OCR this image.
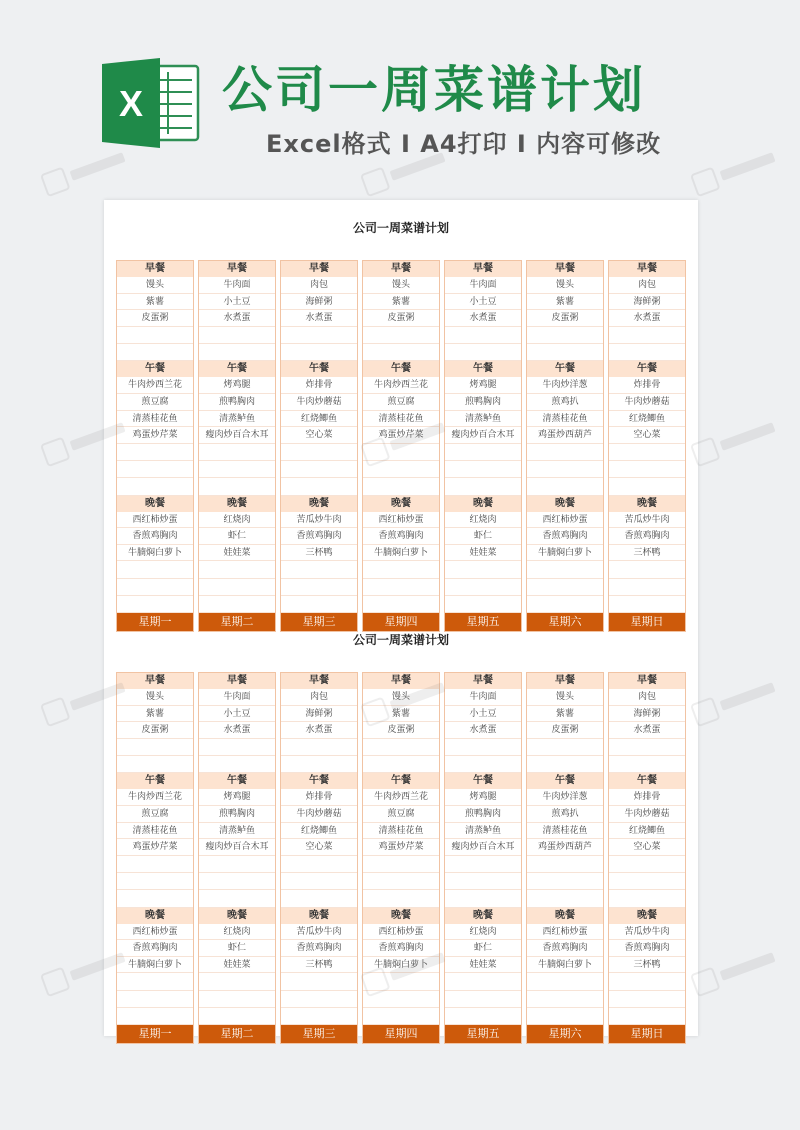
X 公司一周菜谱计划
Excel格式 I A4打印 I 内容可修改
公司一周菜谱计划
早餐
馒头
紫薯
皮蛋粥
午餐
牛肉炒西兰花
煎豆腐
清蒸桂花鱼
鸡蛋炒芹菜
晚餐
西红柿炒蛋
香煎鸡胸肉
牛腩焖白萝卜
星期一
早餐
牛肉面
小土豆
水煮蛋
午餐
烤鸡腿
煎鸭胸肉
清蒸鲈鱼
瘦肉炒百合木耳
晚餐
红烧肉
虾仁
娃娃菜
星期二
早餐
肉包
海鲜粥
水煮蛋
午餐
炸排骨
牛肉炒蘑菇
红烧鲫鱼
空心菜
晚餐
苦瓜炒牛肉
香煎鸡胸肉
三杯鸭
星期三
早餐
馒头
紫薯
皮蛋粥
午餐
牛肉炒西兰花
煎豆腐
清蒸桂花鱼
鸡蛋炒芹菜
晚餐
西红柿炒蛋
香煎鸡胸肉
牛腩焖白萝卜
星期四
早餐
牛肉面
小土豆
水煮蛋
午餐
烤鸡腿
煎鸭胸肉
清蒸鲈鱼
瘦肉炒百合木耳
晚餐
红烧肉
虾仁
娃娃菜
星期五
早餐
馒头
紫薯
皮蛋粥
午餐
牛肉炒洋葱
煎鸡扒
清蒸桂花鱼
鸡蛋炒西葫芦
晚餐
西红柿炒蛋
香煎鸡胸肉
牛腩焖白萝卜
星期六
早餐
肉包
海鲜粥
水煮蛋
午餐
炸排骨
牛肉炒蘑菇
红烧鲫鱼
空心菜
晚餐
苦瓜炒牛肉
香煎鸡胸肉
三杯鸭
星期日
公司一周菜谱计划
早餐
馒头
紫薯
皮蛋粥
午餐
牛肉炒西兰花
煎豆腐
清蒸桂花鱼
鸡蛋炒芹菜
晚餐
西红柿炒蛋
香煎鸡胸肉
牛腩焖白萝卜
星期一
早餐
牛肉面
小土豆
水煮蛋
午餐
烤鸡腿
煎鸭胸肉
清蒸鲈鱼
瘦肉炒百合木耳
晚餐
红烧肉
虾仁
娃娃菜
星期二
早餐
肉包
海鲜粥
水煮蛋
午餐
炸排骨
牛肉炒蘑菇
红烧鲫鱼
空心菜
晚餐
苦瓜炒牛肉
香煎鸡胸肉
三杯鸭
星期三
早餐
馒头
紫薯
皮蛋粥
午餐
牛肉炒西兰花
煎豆腐
清蒸桂花鱼
鸡蛋炒芹菜
晚餐
西红柿炒蛋
香煎鸡胸肉
牛腩焖白萝卜
星期四
早餐
牛肉面
小土豆
水煮蛋
午餐
烤鸡腿
煎鸭胸肉
清蒸鲈鱼
瘦肉炒百合木耳
晚餐
红烧肉
虾仁
娃娃菜
星期五
早餐
馒头
紫薯
皮蛋粥
午餐
牛肉炒洋葱
煎鸡扒
清蒸桂花鱼
鸡蛋炒西葫芦
晚餐
西红柿炒蛋
香煎鸡胸肉
牛腩焖白萝卜
星期六
早餐
肉包
海鲜粥
水煮蛋
午餐
炸排骨
牛肉炒蘑菇
红烧鲫鱼
空心菜
晚餐
苦瓜炒牛肉
香煎鸡胸肉
三杯鸭
星期日
